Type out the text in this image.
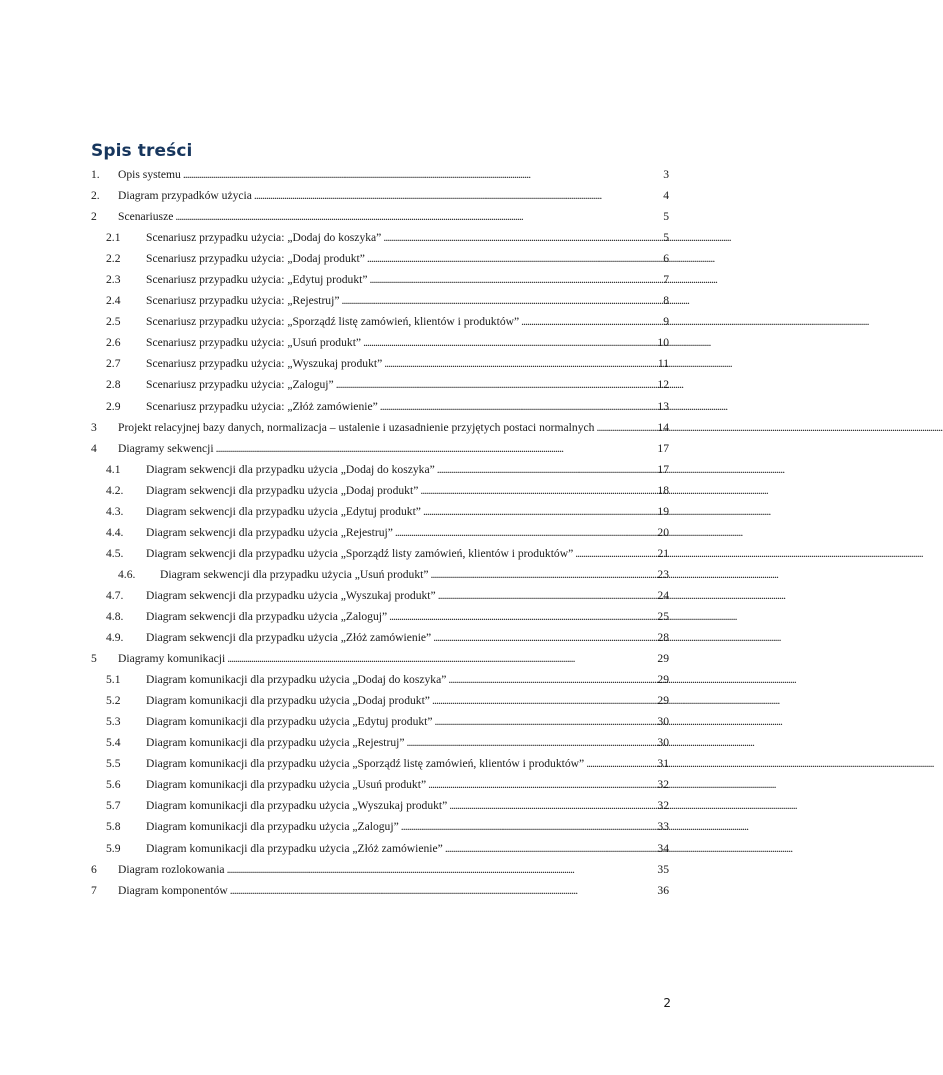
Spis treści
1.	Opis systemu . . .	3
2.	Diagram przypadków użycia . . .	4
2	Scenariusze . . .	5
2.1	Scenariusz przypadku użycia: „Dodaj do koszyka” . . .	5
2.2	Scenariusz przypadku użycia: „Dodaj produkt” . . .	6
2.3	Scenariusz przypadku użycia: „Edytuj produkt” . . .	7
2.4	Scenariusz przypadku użycia: „Rejestruj” . . .	8
2.5	Scenariusz przypadku użycia: „Sporządź listę zamówień, klientów i produktów” . . .	9
2.6	Scenariusz przypadku użycia: „Usuń produkt” . . .	10
2.7	Scenariusz przypadku użycia: „Wyszukaj produkt” . . .	11
2.8	Scenariusz przypadku użycia: „Zaloguj” . . .	12
2.9	Scenariusz przypadku użycia: „Złóż zamówienie” . . .	13
3	Projekt relacyjnej bazy danych, normalizacja – ustalenie i uzasadnienie przyjętych postaci normalnych . . .	14
4	Diagramy sekwencji . . .	17
4.1	Diagram sekwencji dla przypadku użycia „Dodaj do koszyka” . . .	17
4.2.	Diagram sekwencji dla przypadku użycia „Dodaj produkt” . . .	18
4.3.	Diagram sekwencji dla przypadku użycia „Edytuj produkt” . . .	19
4.4.	Diagram sekwencji dla przypadku użycia „Rejestruj” . . .	20
4.5.	Diagram sekwencji dla przypadku użycia „Sporządź listy zamówień, klientów i produktów” . . .	21
4.6.	Diagram sekwencji dla przypadku użycia „Usuń produkt” . . .	23
4.7.	Diagram sekwencji dla przypadku użycia „Wyszukaj produkt” . . .	24
4.8.	Diagram sekwencji dla przypadku użycia „Zaloguj” . . .	25
4.9.	Diagram sekwencji dla przypadku użycia „Złóż zamówienie” . . .	28
5	Diagramy komunikacji . . .	29
5.1	Diagram komunikacji dla przypadku użycia „Dodaj do koszyka” . . .	29
5.2	Diagram komunikacji dla przypadku użycia „Dodaj produkt” . . .	29
5.3	Diagram komunikacji dla przypadku użycia „Edytuj produkt” . . .	30
5.4	Diagram komunikacji dla przypadku użycia „Rejestruj” . . .	30
5.5	Diagram komunikacji dla przypadku użycia „Sporządź listę zamówień, klientów i produktów” . . .	31
5.6	Diagram komunikacji dla przypadku użycia „Usuń produkt” . . .	32
5.7	Diagram komunikacji dla przypadku użycia „Wyszukaj produkt” . . .	32
5.8	Diagram komunikacji dla przypadku użycia „Zaloguj” . . .	33
5.9	Diagram komunikacji dla przypadku użycia „Złóż zamówienie” . . .	34
6	Diagram rozlokowania . . .	35
7	Diagram komponentów . . .	36
2
